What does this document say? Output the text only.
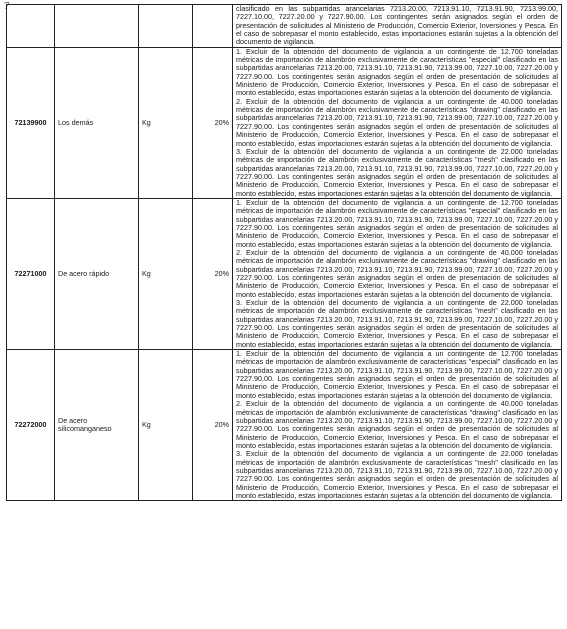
7

				clasificado en las subpartidas arancelarias 7213.20.00, 7213.91.10, 7213.91.90, 7213.99.00, 7227.10.00, 7227.20.00 y 7227.90.00. Los contingentes serán asignados según el orden de presentación de solicitudes al Ministerio de Producción, Comercio Exterior, Inversiones y Pesca. En el caso de sobrepasar el monto establecido, estas importaciones estarán sujetas a la obtención del documento de vigilancia.

72139900	Los demás	Kg	20%	1. Excluir de la obtención del documento de vigilancia a un contingente de 12.700 toneladas métricas de importación de alambrón exclusivamente de características "especial" clasificado en las subpartidas arancelarias 7213.20.00, 7213.91.10, 7213.91.90, 7213.99.00, 7227.10.00, 7227.20.00 y 7227.90.00. Los contingentes serán asignados según el orden de presentación de solicitudes al Ministerio de Producción, Comercio Exterior, Inversiones y Pesca. En el caso de sobrepasar el monto establecido, estas importaciones estarán sujetas a la obtención del documento de vigilancia.

2. Excluir de la obtención del documento de vigilancia a un contingente de 40.000 toneladas métricas de importación de alambrón exclusivamente de características "drawing" clasificado en las subpartidas arancelarias 7213.20.00, 7213.91.10, 7213.91.90, 7213.99.00, 7227.10.00, 7227.20.00 y 7227.90.00. Los contingentes serán asignados según el orden de presentación de solicitudes al Ministerio de Producción, Comercio Exterior, Inversiones y Pesca. En el caso de sobrepasar el monto establecido, estas importaciones estarán sujetas a la obtención del documento de vigilancia.

3. Excluir de la obtención del documento de vigilancia a un contingente de 22.000 toneladas métricas de importación de alambrón exclusivamente de características "mesh" clasificado en las subpartidas arancelarias 7213.20.00, 7213.91.10, 7213.91.90, 7213.99.00, 7227.10.00, 7227.20.00 y 7227.90.00. Los contingentes serán asignados según el orden de presentación de solicitudes al Ministerio de Producción, Comercio Exterior, Inversiones y Pesca. En el caso de sobrepasar el monto establecido, estas importaciones estarán sujetas a la obtención del documento de vigilancia.

72271000	De acero rápido	Kg	20%	1. Excluir de la obtención del documento de vigilancia a un contingente de 12.700 toneladas métricas de importación de alambrón exclusivamente de características "especial" clasificado en las subpartidas arancelarias 7213.20.00, 7213.91.10, 7213.91.90, 7213.99.00, 7227.10.00, 7227.20.00 y 7227.90.00. Los contingentes serán asignados según el orden de presentación de solicitudes al Ministerio de Producción, Comercio Exterior, Inversiones y Pesca. En el caso de sobrepasar el monto establecido, estas importaciones estarán sujetas a la obtención del documento de vigilancia.

2. Excluir de la obtención del documento de vigilancia a un contingente de 40.000 toneladas métricas de importación de alambrón exclusivamente de características "drawing" clasificado en las subpartidas arancelarias 7213.20.00, 7213.91.10, 7213.91.90, 7213.99.00, 7227.10.00, 7227.20.00 y 7227.90.00. Los contingentes serán asignados según el orden de presentación de solicitudes al Ministerio de Producción, Comercio Exterior, Inversiones y Pesca. En el caso de sobrepasar el monto establecido, estas importaciones estarán sujetas a la obtención del documento de vigilancia.

3. Excluir de la obtención del documento de vigilancia a un contingente de 22.000 toneladas métricas de importación de alambrón exclusivamente de características "mesh" clasificado en las subpartidas arancelarias 7213.20.00, 7213.91.10, 7213.91.90, 7213.99.00, 7227.10.00, 7227.20.00 y 7227.90.00. Los contingentes serán asignados según el orden de presentación de solicitudes al Ministerio de Producción, Comercio Exterior, Inversiones y Pesca. En el caso de sobrepasar el monto establecido, estas importaciones estarán sujetas a la obtención del documento de vigilancia.

72272000	De acero silicomanganeso	Kg	20%	1. Excluir de la obtención del documento de vigilancia a un contingente de 12.700 toneladas métricas de importación de alambrón exclusivamente de características "especial" clasificado en las subpartidas arancelarias 7213.20.00, 7213.91.10, 7213.91.90, 7213.99.00, 7227.10.00, 7227.20.00 y 7227.90.00. Los contingentes serán asignados según el orden de presentación de solicitudes al Ministerio de Producción, Comercio Exterior, Inversiones y Pesca. En el caso de sobrepasar el monto establecido, estas importaciones estarán sujetas a la obtención del documento de vigilancia.

2. Excluir de la obtención del documento de vigilancia a un contingente de 40.000 toneladas métricas de importación de alambrón exclusivamente de características "drawing" clasificado en las subpartidas arancelarias 7213.20.00, 7213.91.10, 7213.91.90, 7213.99.00, 7227.10.00, 7227.20.00 y 7227.90.00. Los contingentes serán asignados según el orden de presentación de solicitudes al Ministerio de Producción, Comercio Exterior, Inversiones y Pesca. En el caso de sobrepasar el monto establecido, estas importaciones estarán sujetas a la obtención del documento de vigilancia.

3. Excluir de la obtención del documento de vigilancia a un contingente de 22.000 toneladas métricas de importación de alambrón exclusivamente de características "mesh" clasificado en las subpartidas arancelarias 7213.20.00, 7213.91.10, 7213.91.90, 7213.99.00, 7227.10.00, 7227.20.00 y 7227.90.00. Los contingentes serán asignados según el orden de presentación de solicitudes al Ministerio de Producción, Comercio Exterior, Inversiones y Pesca. En el caso de sobrepasar el monto establecido, estas importaciones estarán sujetas a la obtención del documento de vigilancia.
